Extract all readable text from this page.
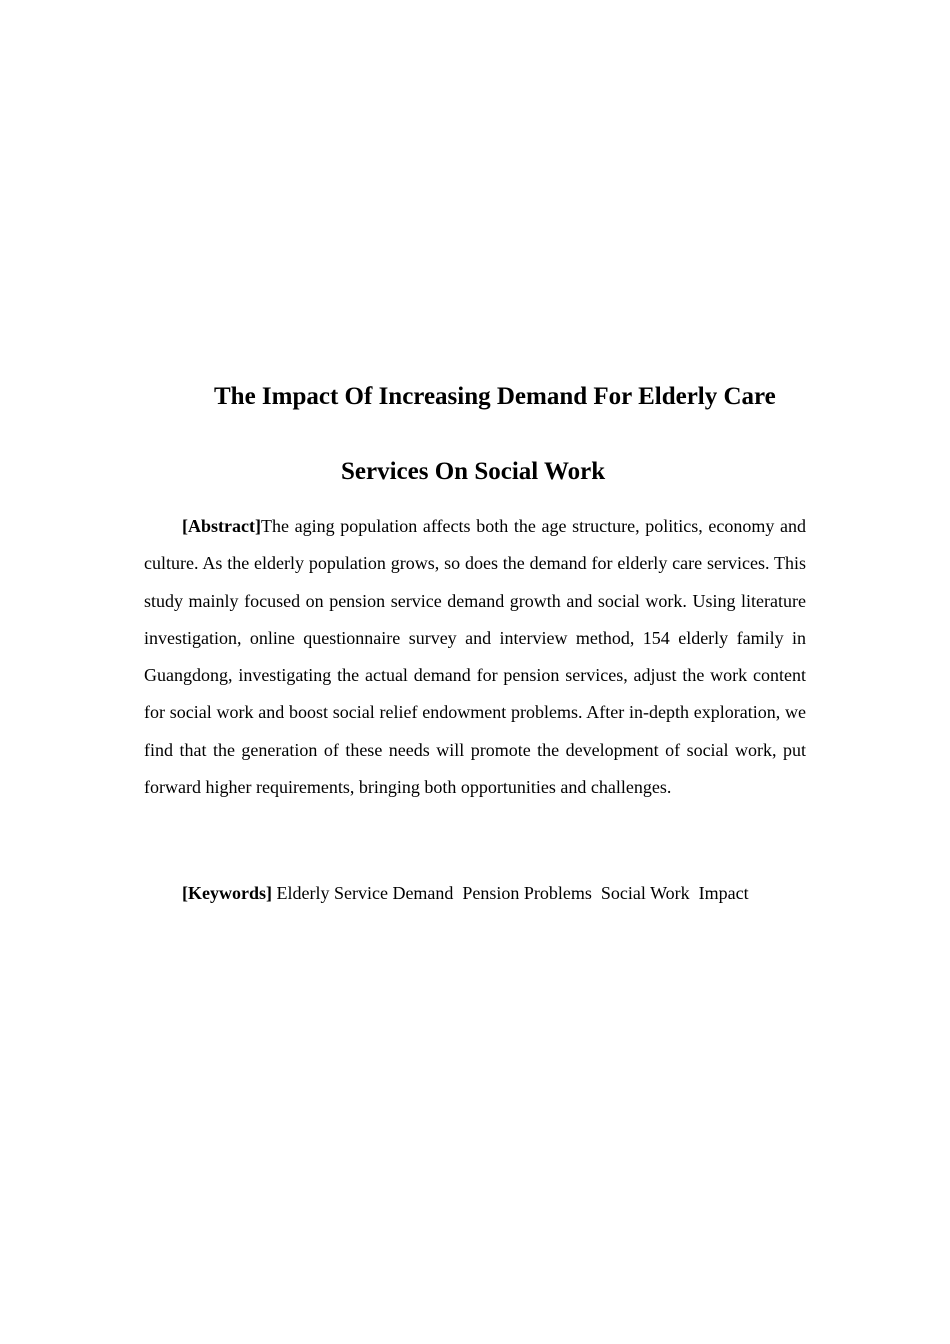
The Impact Of Increasing Demand For Elderly Care
Services On Social Work

[Abstract]The aging population affects both the age structure, politics, economy and culture. As the elderly population grows, so does the demand for elderly care services. This study mainly focused on pension service demand growth and social work. Using literature investigation, online questionnaire survey and interview method, 154 elderly family in Guangdong, investigating the actual demand for pension services, adjust the work content for social work and boost social relief endowment problems. After in-depth exploration, we find that the generation of these needs will promote the development of social work, put forward higher requirements, bringing both opportunities and challenges.

[Keywords] Elderly Service Demand  Pension Problems  Social Work  Impact
